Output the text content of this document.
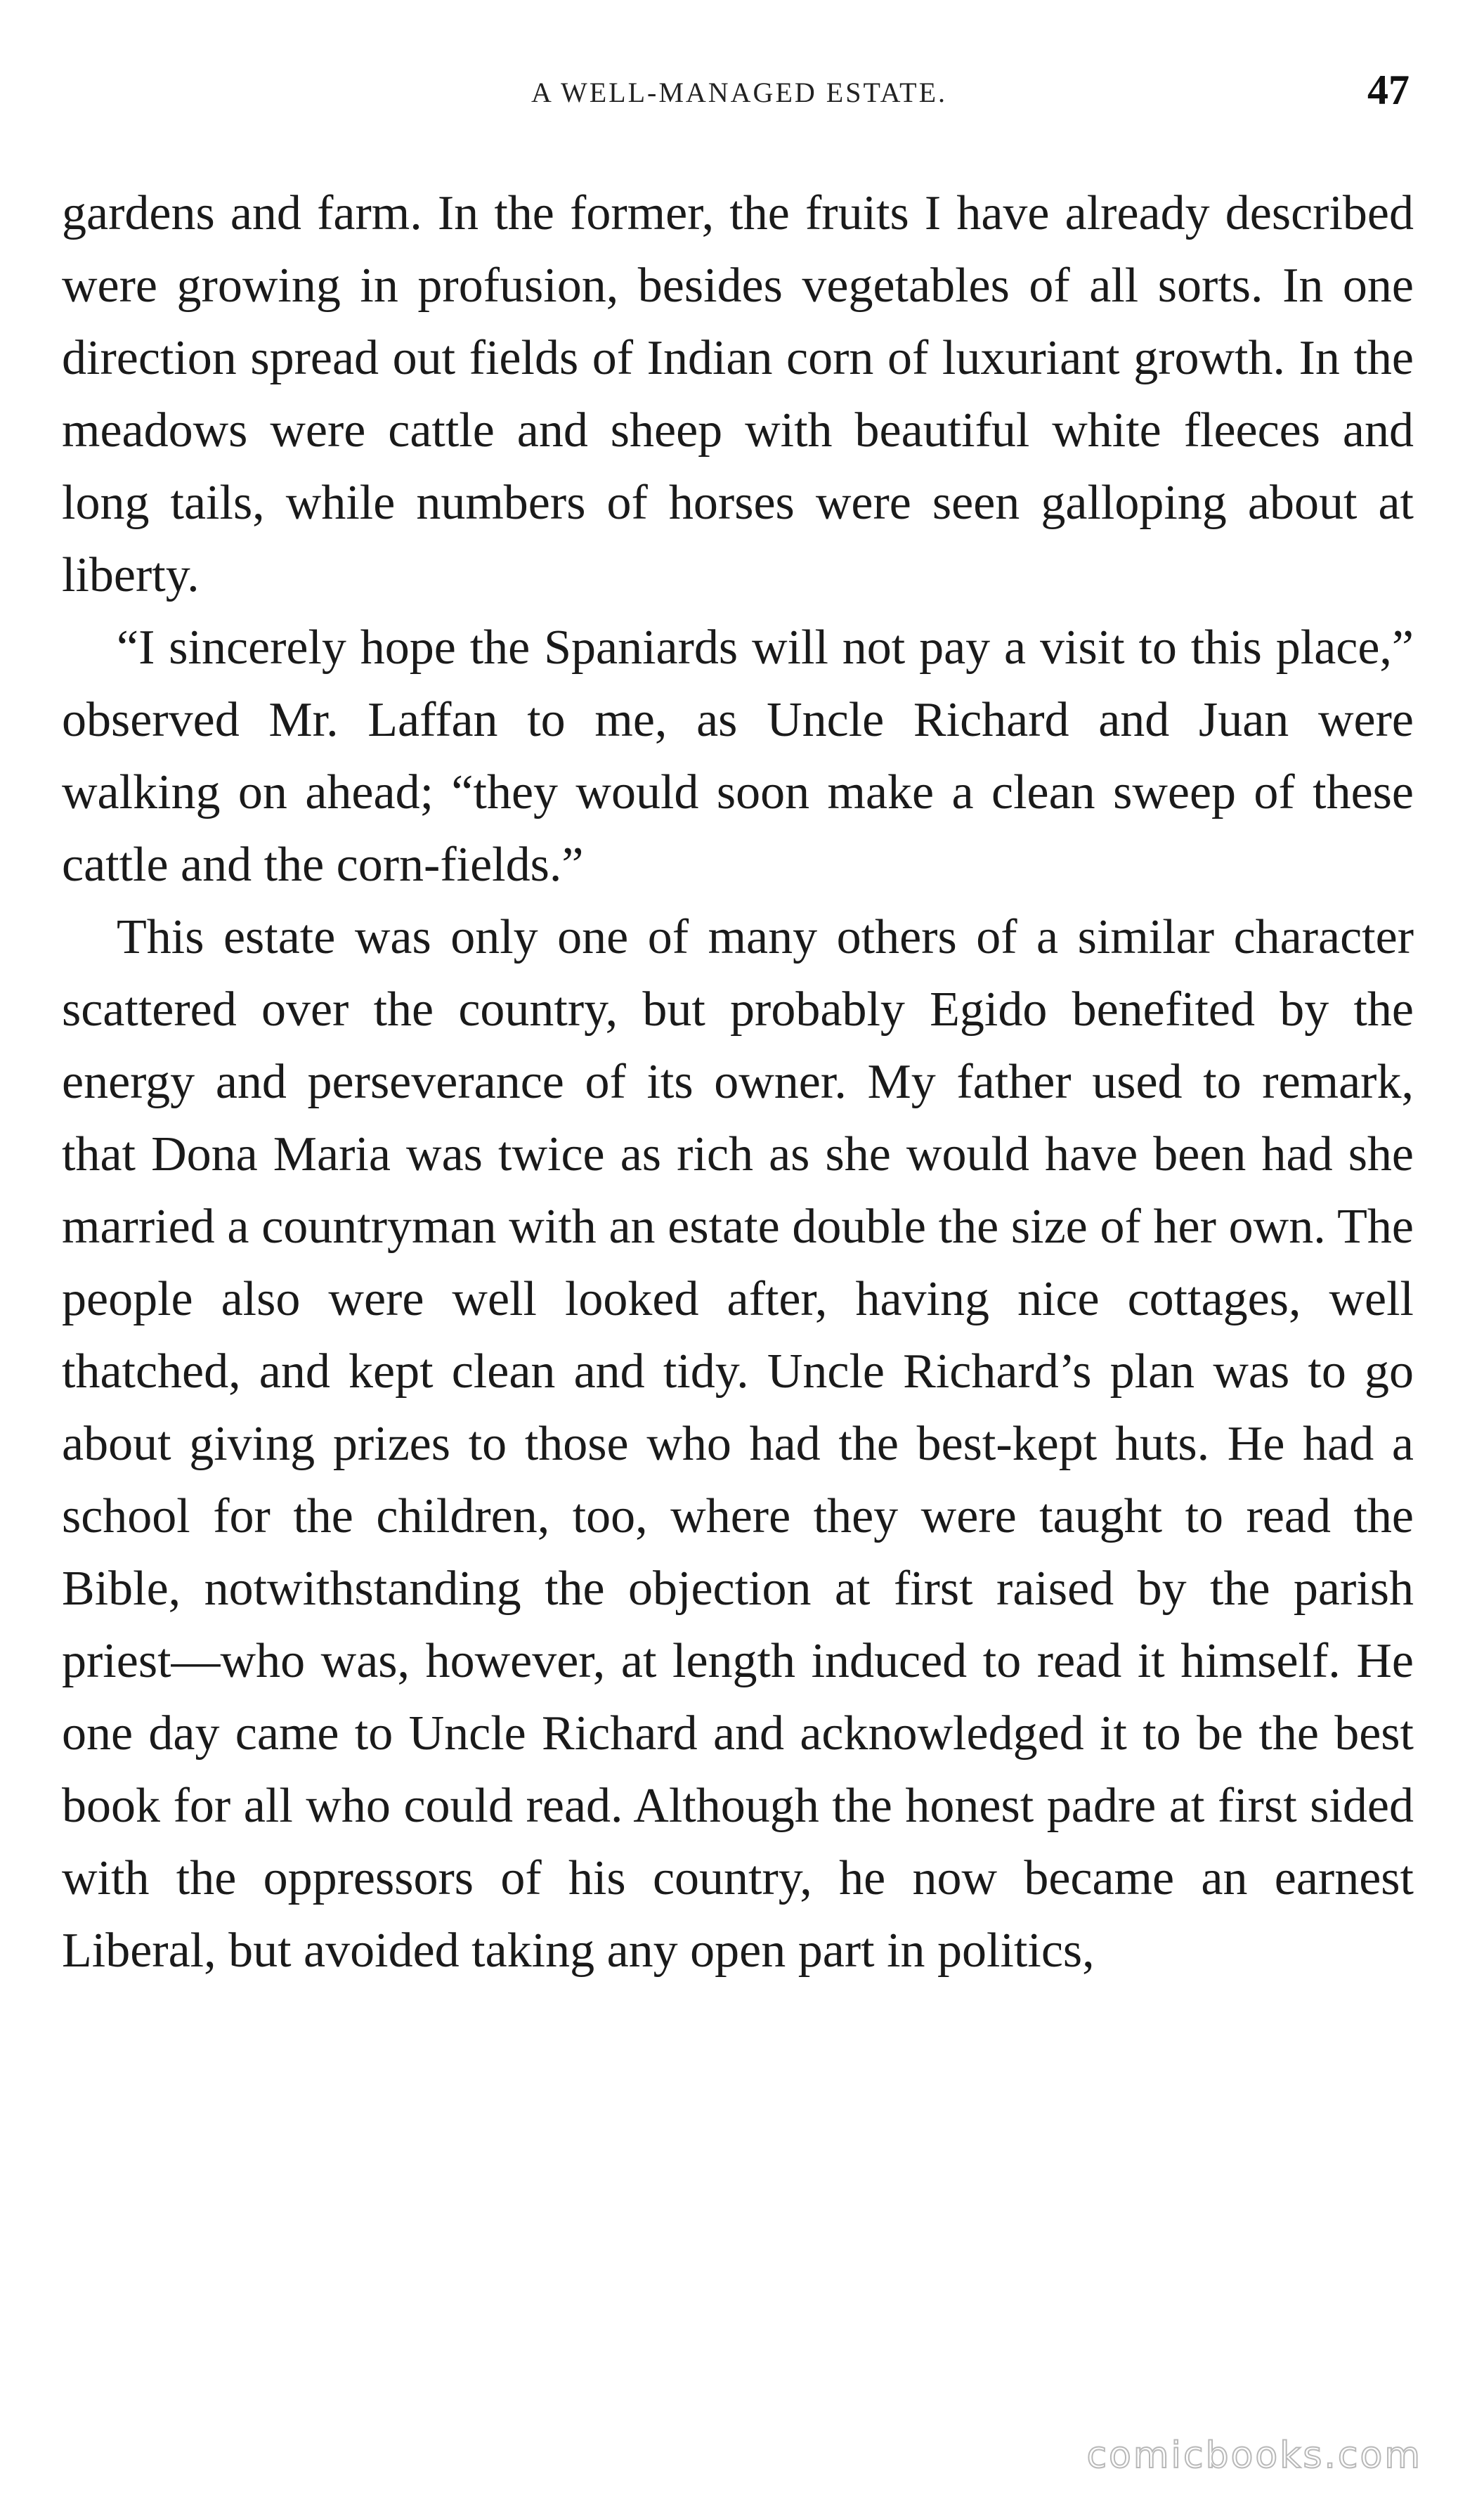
A WELL-MANAGED ESTATE.	47

gardens and farm. In the former, the fruits I have already described were growing in profusion, besides vegetables of all sorts. In one direction spread out fields of Indian corn of luxuriant growth. In the meadows were cattle and sheep with beautiful white fleeces and long tails, while numbers of horses were seen galloping about at liberty.

“I sincerely hope the Spaniards will not pay a visit to this place,” observed Mr. Laffan to me, as Uncle Richard and Juan were walking on ahead; “they would soon make a clean sweep of these cattle and the corn-fields.”

This estate was only one of many others of a similar character scattered over the country, but probably Egido benefited by the energy and perseverance of its owner. My father used to remark, that Dona Maria was twice as rich as she would have been had she married a countryman with an estate double the size of her own. The people also were well looked after, having nice cottages, well thatched, and kept clean and tidy. Uncle Richard’s plan was to go about giving prizes to those who had the best-kept huts. He had a school for the children, too, where they were taught to read the Bible, notwithstanding the objection at first raised by the parish priest—who was, however, at length induced to read it himself. He one day came to Uncle Richard and acknowledged it to be the best book for all who could read. Although the honest padre at first sided with the oppressors of his country, he now became an earnest Liberal, but avoided taking any open part in politics,

comicbooks.com
